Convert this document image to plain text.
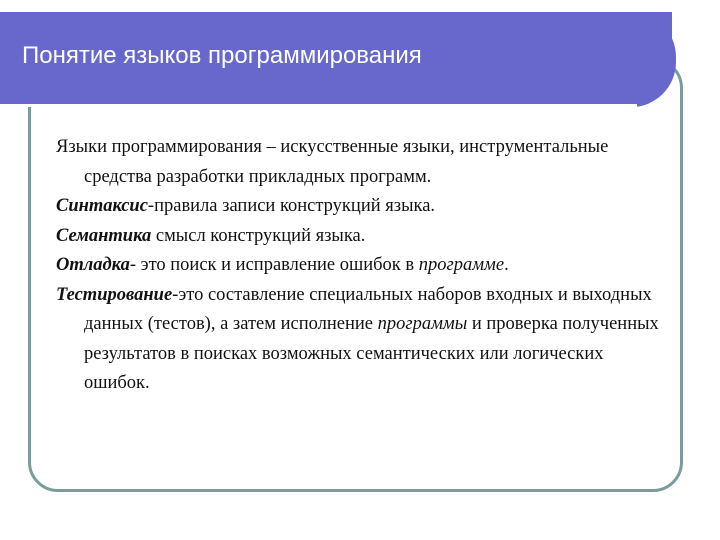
Понятие языков программирования

Языки программирования – искусственные языки, инструментальные средства разработки прикладных программ.

Синтаксис-правила записи конструкций языка.

Семантика смысл конструкций языка.

Отладка- это поиск и исправление ошибок в программе.

Тестирование-это составление специальных наборов входных и выходных данных (тестов), а затем исполнение программы и проверка полученных результатов в поисках возможных семантических или логических ошибок.
